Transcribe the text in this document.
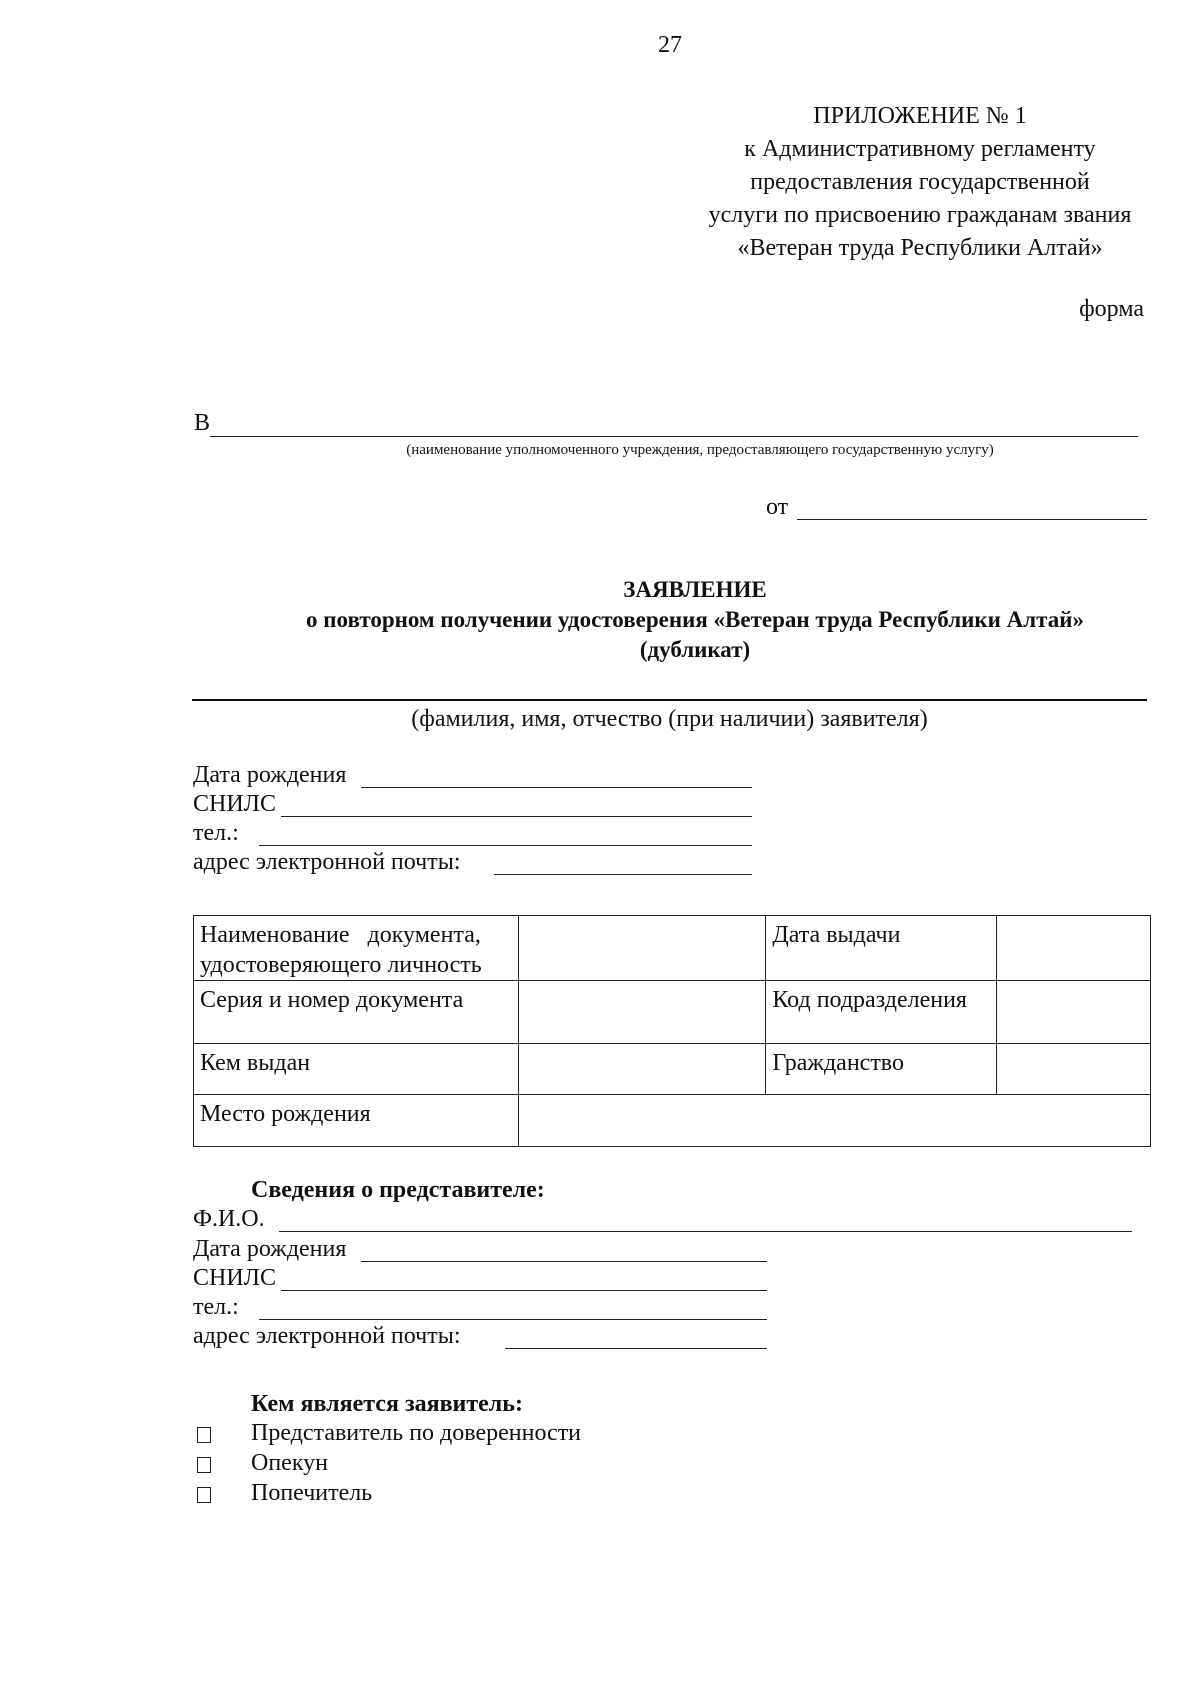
27
ПРИЛОЖЕНИЕ № 1
к Административному регламенту
предоставления государственной
услуги по присвоению гражданам звания
«Ветеран труда Республики Алтай»
форма
В
(наименование уполномоченного учреждения, предоставляющего государственную услугу)
от
ЗАЯВЛЕНИЕ
о повторном получении удостоверения «Ветеран труда Республики Алтай»
(дубликат)
(фамилия, имя, отчество (при наличии) заявителя)
Дата рождения
СНИЛС
тел.:
адрес электронной почты:
Наименование   документа,
удостоверяющего личность		Дата выдачи	
Серия и номер документа		Код подразделения	
Кем выдан		Гражданство	
Место рождения			
Сведения о представителе:
Ф.И.О.
Дата рождения
СНИЛС
тел.:
адрес электронной почты:
Кем является заявитель:
Представитель по доверенности
Опекун
Попечитель
